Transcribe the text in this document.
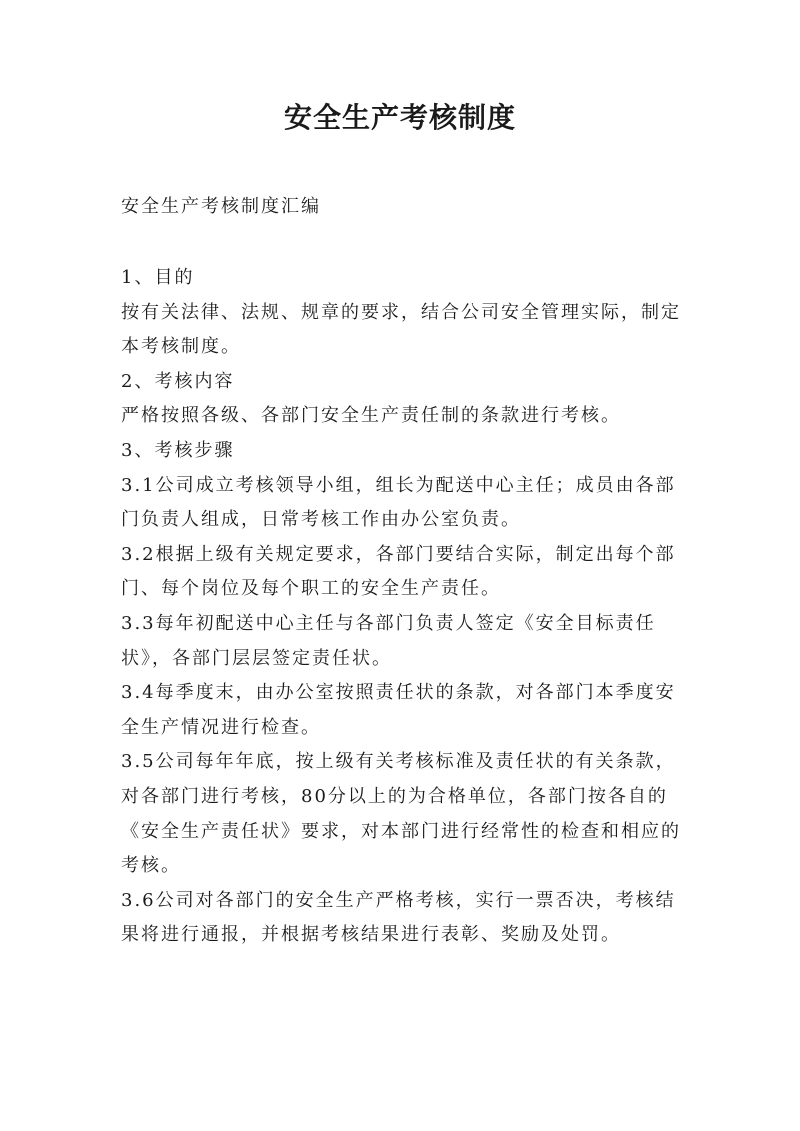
安全生产考核制度
安全生产考核制度汇编

1、目的

按有关法律、法规、规章的要求，结合公司安全管理实际，制定本考核制度。

2、考核内容

严格按照各级、各部门安全生产责任制的条款进行考核。

3、考核步骤

3.1公司成立考核领导小组，组长为配送中心主任；成员由各部门负责人组成，日常考核工作由办公室负责。

3.2根据上级有关规定要求，各部门要结合实际，制定出每个部门、每个岗位及每个职工的安全生产责任。

3.3每年初配送中心主任与各部门负责人签定《安全目标责任状》，各部门层层签定责任状。

3.4每季度末，由办公室按照责任状的条款，对各部门本季度安全生产情况进行检查。

3.5公司每年年底，按上级有关考核标准及责任状的有关条款，对各部门进行考核，80分以上的为合格单位，各部门按各自的《安全生产责任状》要求，对本部门进行经常性的检查和相应的考核。

3.6公司对各部门的安全生产严格考核，实行一票否决，考核结果将进行通报，并根据考核结果进行表彰、奖励及处罚。
